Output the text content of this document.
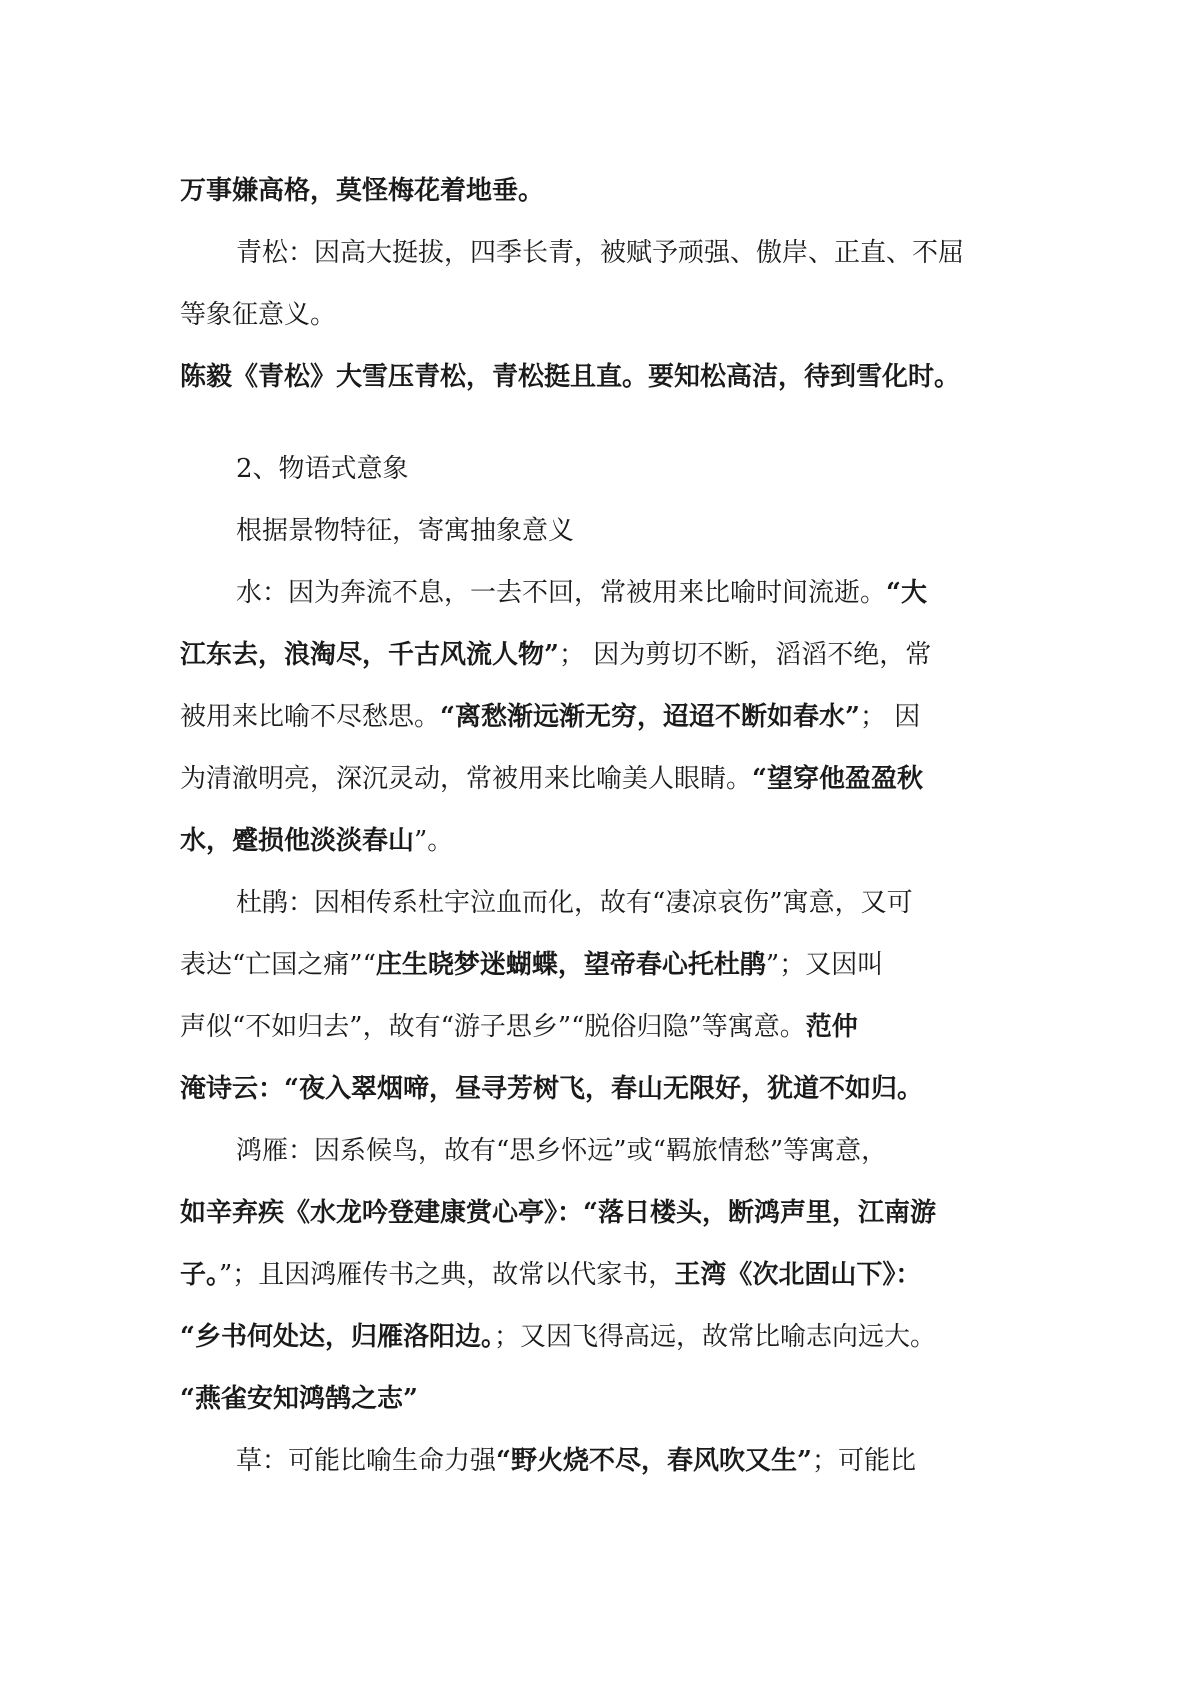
万事嫌高格，莫怪梅花着地垂。
青松：因高大挺拔，四季长青，被赋予顽强、傲岸、正直、不屈
等象征意义。
陈毅《青松》大雪压青松，青松挺且直。要知松高洁，待到雪化时。
2、物语式意象
根据景物特征，寄寓抽象意义
水：因为奔流不息，一去不回，常被用来比喻时间流逝。“大
江东去，浪淘尽，千古风流人物”； 因为剪切不断，滔滔不绝，常
被用来比喻不尽愁思。“离愁渐远渐无穷，迢迢不断如春水”； 因
为清澈明亮，深沉灵动，常被用来比喻美人眼睛。“望穿他盈盈秋
水，蹙损他淡淡春山”。
杜鹃：因相传系杜宇泣血而化，故有“凄凉哀伤”寓意，又可
表达“亡国之痛”“庄生晓梦迷蝴蝶，望帝春心托杜鹃”；又因叫
声似“不如归去”，故有“游子思乡”“脱俗归隐”等寓意。范仲
淹诗云：“夜入翠烟啼，昼寻芳树飞，春山无限好，犹道不如归。
鸿雁：因系候鸟，故有“思乡怀远”或“羁旅情愁”等寓意，
如辛弃疾《水龙吟登建康赏心亭》：“落日楼头，断鸿声里，江南游
子。”；且因鸿雁传书之典，故常以代家书，王湾《次北固山下》：
“乡书何处达，归雁洛阳边。；又因飞得高远，故常比喻志向远大。
“燕雀安知鸿鹄之志”
草：可能比喻生命力强“野火烧不尽，春风吹又生”；可能比
